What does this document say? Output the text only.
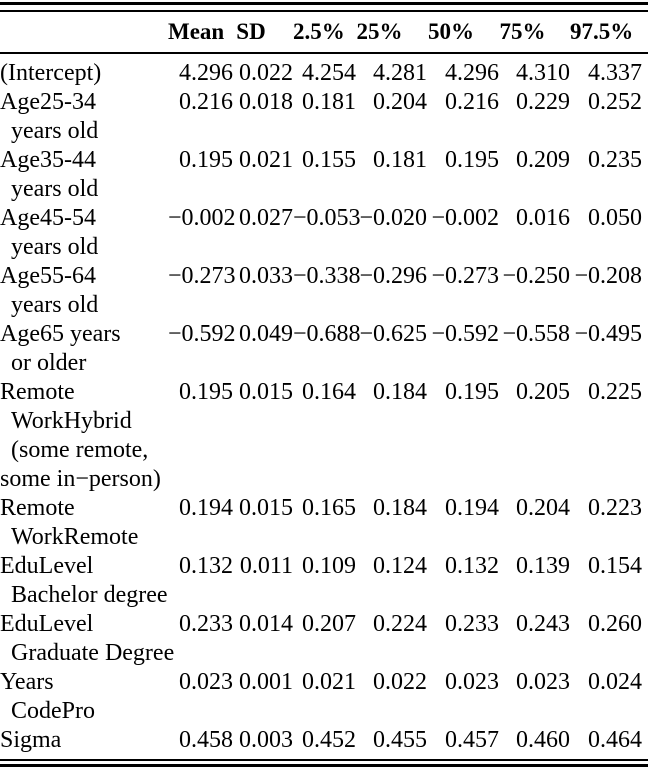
	Mean	SD	2.5%	25%	50%	75%	97.5%

(Intercept)	4.296	0.022	4.254	4.281	4.296	4.310	4.337

Age25-34
years old	0.216	0.018	0.181	0.204	0.216	0.229	0.252

Age35-44
years old	0.195	0.021	0.155	0.181	0.195	0.209	0.235

Age45-54
years old	−0.002	0.027	−0.053	−0.020	−0.002	0.016	0.050

Age55-64
years old	−0.273	0.033	−0.338	−0.296	−0.273	−0.250	−0.208

Age65 years
or older	−0.592	0.049	−0.688	−0.625	−0.592	−0.558	−0.495

Remote
WorkHybrid
(some remote,
some in−person)	0.195	0.015	0.164	0.184	0.195	0.205	0.225

Remote
WorkRemote	0.194	0.015	0.165	0.184	0.194	0.204	0.223

EduLevel
Bachelor degree	0.132	0.011	0.109	0.124	0.132	0.139	0.154

EduLevel
Graduate Degree	0.233	0.014	0.207	0.224	0.233	0.243	0.260

Years
CodePro	0.023	0.001	0.021	0.022	0.023	0.023	0.024

Sigma	0.458	0.003	0.452	0.455	0.457	0.460	0.464
